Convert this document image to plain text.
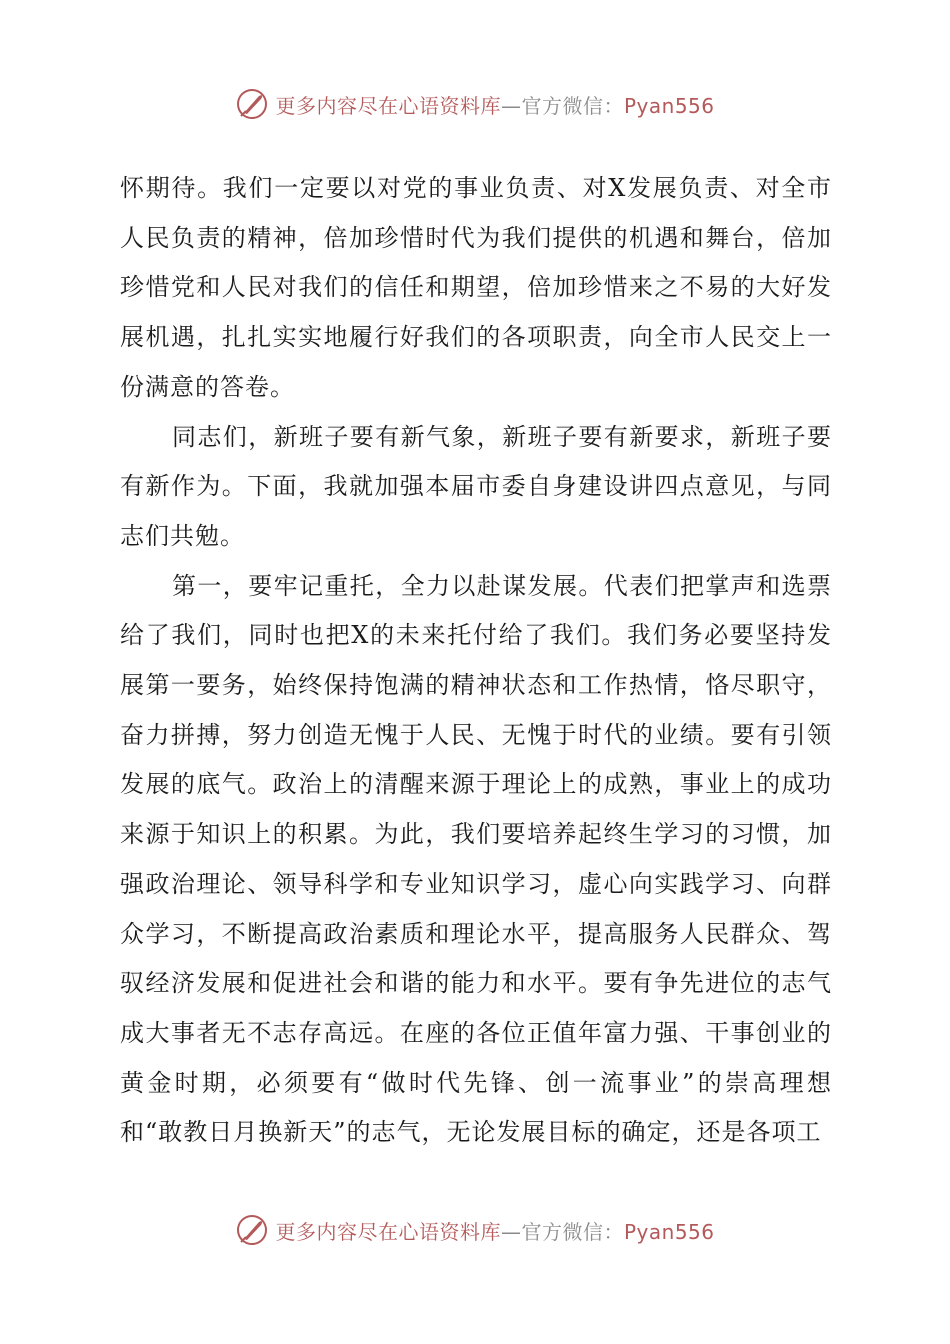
更多内容尽在心语资料库—官方微信：Pyan556

怀期待。我们一定要以对党的事业负责、对X发展负责、对全市人民负责的精神，倍加珍惜时代为我们提供的机遇和舞台，倍加珍惜党和人民对我们的信任和期望，倍加珍惜来之不易的大好发展机遇，扎扎实实地履行好我们的各项职责，向全市人民交上一份满意的答卷。

同志们，新班子要有新气象，新班子要有新要求，新班子要有新作为。下面，我就加强本届市委自身建设讲四点意见，与同志们共勉。

第一，要牢记重托，全力以赴谋发展。代表们把掌声和选票给了我们，同时也把X的未来托付给了我们。我们务必要坚持发展第一要务，始终保持饱满的精神状态和工作热情，恪尽职守，奋力拼搏，努力创造无愧于人民、无愧于时代的业绩。要有引领发展的底气。政治上的清醒来源于理论上的成熟，事业上的成功来源于知识上的积累。为此，我们要培养起终生学习的习惯，加强政治理论、领导科学和专业知识学习，虚心向实践学习、向群众学习，不断提高政治素质和理论水平，提高服务人民群众、驾驭经济发展和促进社会和谐的能力和水平。要有争先进位的志气成大事者无不志存高远。在座的各位正值年富力强、干事创业的黄金时期，必须要有“做时代先锋、创一流事业”的崇高理想和“敢教日月换新天”的志气，无论发展目标的确定，还是各项工

更多内容尽在心语资料库—官方微信：Pyan556
